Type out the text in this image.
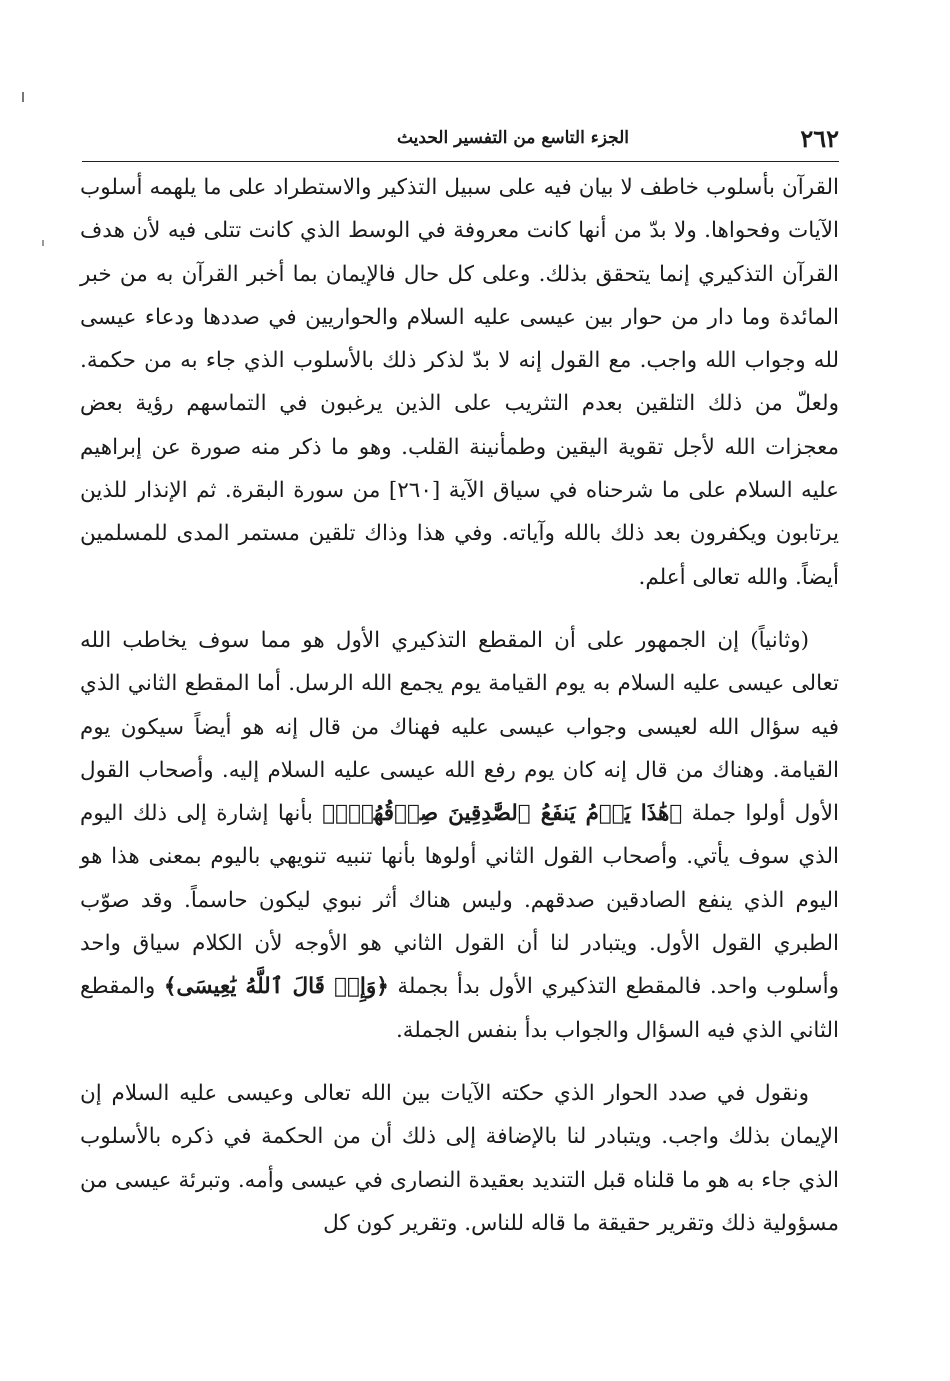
٢٦٢
الجزء التاسع من التفسير الحديث

القرآن بأسلوب خاطف لا بيان فيه على سبيل التذكير والاستطراد على ما يلهمه أسلوب الآيات وفحواها. ولا بدّ من أنها كانت معروفة في الوسط الذي كانت تتلى فيه لأن هدف القرآن التذكيري إنما يتحقق بذلك. وعلى كل حال فالإيمان بما أخبر القرآن به من خبر المائدة وما دار من حوار بين عيسى عليه السلام والحواريين في صددها ودعاء عيسى لله وجواب الله واجب. مع القول إنه لا بدّ لذكر ذلك بالأسلوب الذي جاء به من حكمة. ولعلّ من ذلك التلقين بعدم التثريب على الذين يرغبون في التماسهم رؤية بعض معجزات الله لأجل تقوية اليقين وطمأنينة القلب. وهو ما ذكر منه صورة عن إبراهيم عليه السلام على ما شرحناه في سياق الآية [٢٦٠] من سورة البقرة. ثم الإنذار للذين يرتابون ويكفرون بعد ذلك بالله وآياته. وفي هذا وذاك تلقين مستمر المدى للمسلمين أيضاً. والله تعالى أعلم.

(وثانياً) إن الجمهور على أن المقطع التذكيري الأول هو مما سوف يخاطب الله تعالى عيسى عليه السلام به يوم القيامة يوم يجمع الله الرسل. أما المقطع الثاني الذي فيه سؤال الله لعيسى وجواب عيسى عليه فهناك من قال إنه هو أيضاً سيكون يوم القيامة. وهناك من قال إنه كان يوم رفع الله عيسى عليه السلام إليه. وأصحاب القول الأول أولوا جملة ﴿هَٰذَا يَوۡمُ يَنفَعُ ٱلصَّٰدِقِينَ صِدۡقُهُمۡۚ﴾ بأنها إشارة إلى ذلك اليوم الذي سوف يأتي. وأصحاب القول الثاني أولوها بأنها تنبيه تنويهي باليوم بمعنى هذا هو اليوم الذي ينفع الصادقين صدقهم. وليس هناك أثر نبوي ليكون حاسماً. وقد صوّب الطبري القول الأول. ويتبادر لنا أن القول الثاني هو الأوجه لأن الكلام سياق واحد وأسلوب واحد. فالمقطع التذكيري الأول بدأ بجملة ﴿وَإِذۡ قَالَ ٱللَّهُ يَٰعِيسَى﴾ والمقطع الثاني الذي فيه السؤال والجواب بدأ بنفس الجملة.

ونقول في صدد الحوار الذي حكته الآيات بين الله تعالى وعيسى عليه السلام إن الإيمان بذلك واجب. ويتبادر لنا بالإضافة إلى ذلك أن من الحكمة في ذكره بالأسلوب الذي جاء به هو ما قلناه قبل التنديد بعقيدة النصارى في عيسى وأمه. وتبرئة عيسى من مسؤولية ذلك وتقرير حقيقة ما قاله للناس. وتقرير كون كل
